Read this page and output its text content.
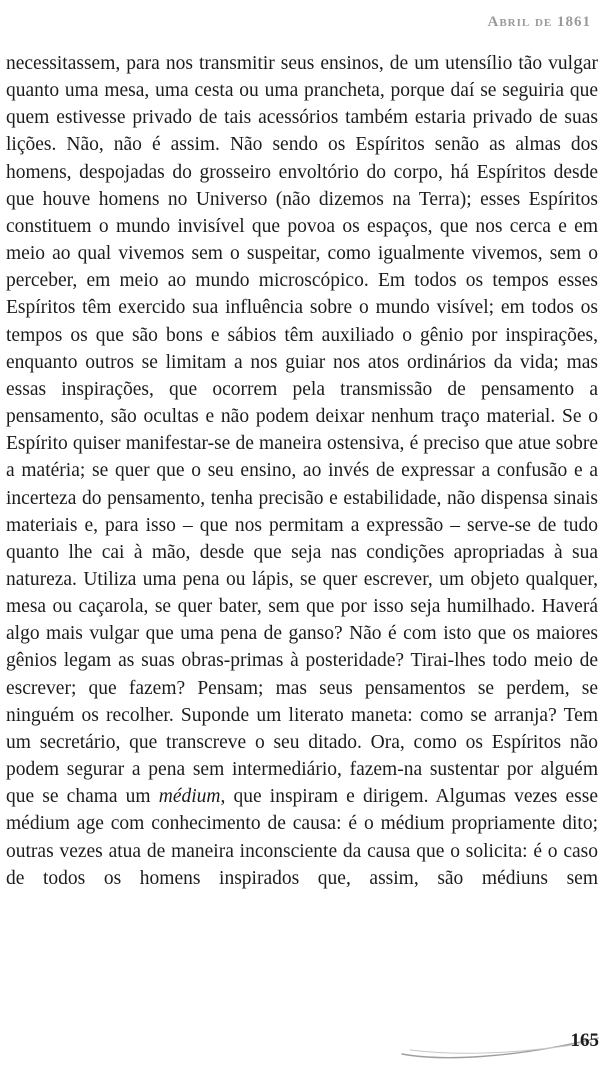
Abril de 1861

necessitassem, para nos transmitir seus ensinos, de um utensílio tão vulgar quanto uma mesa, uma cesta ou uma prancheta, porque daí se seguiria que quem estivesse privado de tais acessórios também estaria privado de suas lições. Não, não é assim. Não sendo os Espíritos senão as almas dos homens, despojadas do grosseiro envoltório do corpo, há Espíritos desde que houve homens no Universo (não dizemos na Terra); esses Espíritos constituem o mundo invisível que povoa os espaços, que nos cerca e em meio ao qual vivemos sem o suspeitar, como igualmente vivemos, sem o perceber, em meio ao mundo microscópico. Em todos os tempos esses Espíritos têm exercido sua influência sobre o mundo visível; em todos os tempos os que são bons e sábios têm auxiliado o gênio por inspirações, enquanto outros se limitam a nos guiar nos atos ordinários da vida; mas essas inspirações, que ocorrem pela transmissão de pensamento a pensamento, são ocultas e não podem deixar nenhum traço material. Se o Espírito quiser manifestar-se de maneira ostensiva, é preciso que atue sobre a matéria; se quer que o seu ensino, ao invés de expressar a confusão e a incerteza do pensamento, tenha precisão e estabilidade, não dispensa sinais materiais e, para isso – que nos permitam a expressão – serve-se de tudo quanto lhe cai à mão, desde que seja nas condições apropriadas à sua natureza. Utiliza uma pena ou lápis, se quer escrever, um objeto qualquer, mesa ou caçarola, se quer bater, sem que por isso seja humilhado. Haverá algo mais vulgar que uma pena de ganso? Não é com isto que os maiores gênios legam as suas obras-primas à posteridade? Tirai-lhes todo meio de escrever; que fazem? Pensam; mas seus pensamentos se perdem, se ninguém os recolher. Suponde um literato maneta: como se arranja? Tem um secretário, que transcreve o seu ditado. Ora, como os Espíritos não podem segurar a pena sem intermediário, fazem-na sustentar por alguém que se chama um médium, que inspiram e dirigem. Algumas vezes esse médium age com conhecimento de causa: é o médium propriamente dito; outras vezes atua de maneira inconsciente da causa que o solicita: é o caso de todos os homens inspirados que, assim, são médiuns sem

165
